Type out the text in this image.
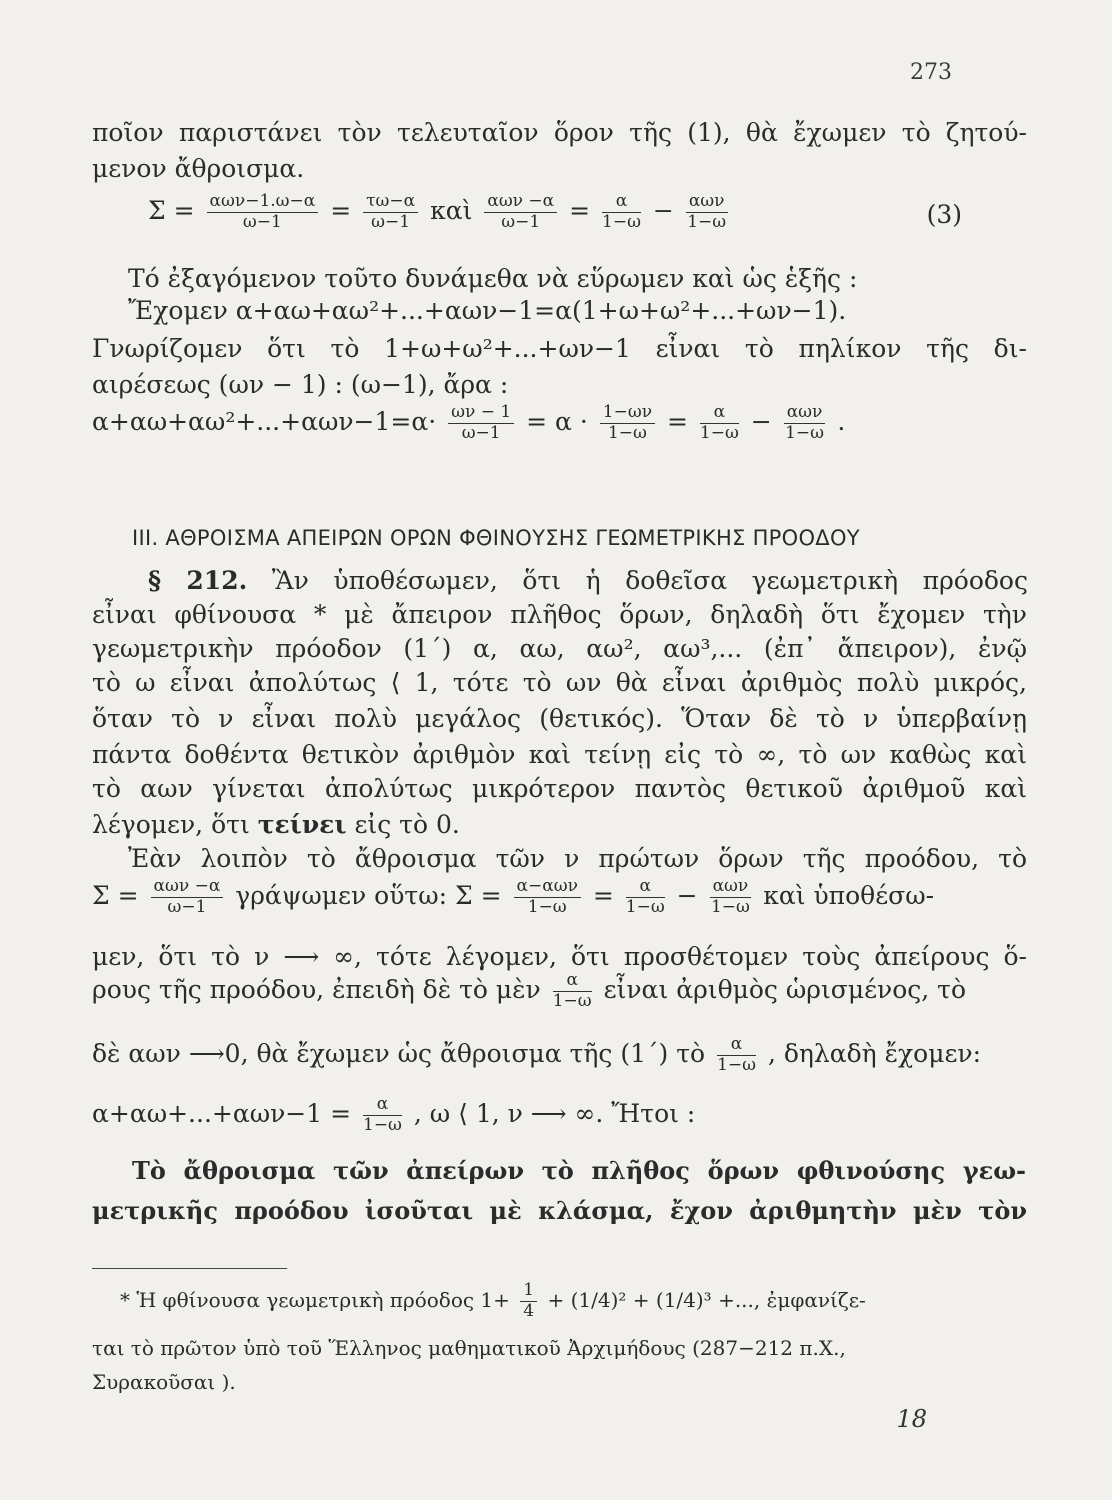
273
ποῖον παριστάνει τὸν τελευταῖον ὅρον τῆς (1), θὰ ἔχωμεν τὸ ζητού-
μενον ἄθροισμα.
$\Sigma = \frac{\text{αων−1.ω−α}}{\omega-1} = \frac{\tau\omega-\alpha}{\omega-1}$ καὶ $\frac{\text{αων −α}}{\omega-1} = \frac{\alpha}{1-\omega} - \frac{\text{αων}}{1-\omega}$	(3)
Τό ἐξαγόμενον τοῦτο δυνάμεθα νὰ εὕρωμεν καὶ ὡς ἑξῆς :
Ἔχομεν α+αω+αω²+...+αων−1=α(1+ω+ω²+...+ων−1).
Γνωρίζομεν ὅτι τὸ 1+ω+ω²+...+ων−1 εἶναι τὸ πηλίκον τῆς δι-
αιρέσεως (ων − 1) : (ω−1), ἄρα :
$\alpha+\alpha\omega+\alpha\omega^2+...+\alpha\omega\nu-1=\alpha\cdot \frac{\omega\nu - 1}{\omega-1} = \alpha \cdot \frac{1-\omega\nu}{1-\omega} = \frac{\alpha}{1-\omega} - \frac{\text{αων}}{1-\omega}$ .
III. ΑΘΡΟΙΣΜΑ ΑΠΕΙΡΩΝ ΟΡΩΝ ΦΘΙΝΟΥΣΗΣ ΓΕΩΜΕΤΡΙΚΗΣ ΠΡΟΟΔΟΥ
§ 212. Ἂν ὑποθέσωμεν, ὅτι ἡ δοθεῖσα γεωμετρικὴ πρόοδος
εἶναι φθίνουσα * μὲ ἄπειρον πλῆθος ὅρων, δηλαδὴ ὅτι ἔχομεν τὴν
γεωμετρικὴν πρόοδον (1΄) α, αω, αω², αω³,... (ἐπ᾽ ἄπειρον), ἐνῷ
τὸ ω εἶναι ἀπολύτως ⟨ 1, τότε τὸ ων θὰ εἶναι ἀριθμὸς πολὺ μικρός,
ὅταν τὸ ν εἶναι πολὺ μεγάλος (θετικός). Ὅταν δὲ τὸ ν ὑπερβαίνῃ
πάντα δοθέντα θετικὸν ἀριθμὸν καὶ τείνῃ εἰς τὸ ∞, τὸ ων καθὼς καὶ
τὸ αων γίνεται ἀπολύτως μικρότερον παντὸς θετικοῦ ἀριθμοῦ καὶ
λέγομεν, ὅτι τείνει εἰς τὸ 0.
Ἐὰν λοιπὸν τὸ ἄθροισμα τῶν ν πρώτων ὅρων τῆς προόδου, τὸ
$\Sigma = \frac{\text{αων −α}}{\omega-1}$ γράψωμεν οὕτω: $\Sigma = \frac{\text{α−αων}}{1-\omega} = \frac{\alpha}{1-\omega} - \frac{\text{αων}}{1-\omega}$ καὶ ὑποθέσω-
μεν, ὅτι τὸ ν ⟶ ∞, τότε λέγομεν, ὅτι προσθέτομεν τοὺς ἀπείρους ὅ-
ρους τῆς προόδου, ἐπειδὴ δὲ τὸ μὲν $\frac{\alpha}{1-\omega}$ εἶναι ἀριθμὸς ὡρισμένος, τὸ
δὲ αων ⟶0, θὰ ἔχωμεν ὡς ἄθροισμα τῆς (1΄) τὸ $\frac{\alpha}{1-\omega}$ , δηλαδὴ ἔχομεν:
$\alpha+\alpha\omega+...+\alpha\omega\nu-1 = \frac{\alpha}{1-\omega}$ , ω ⟨ 1, ν ⟶ ∞. Ἤτοι :
Τὸ ἄθροισμα τῶν ἀπείρων τὸ πλῆθος ὅρων φθινούσης γεω-
μετρικῆς προόδου ἰσοῦται μὲ κλάσμα, ἔχον ἀριθμητὴν μὲν τὸν
* Ἡ φθίνουσα γεωμετρικὴ πρόοδος $1+ \frac{1}{4} + (1/4)^2 + (1/4)^3$ +..., ἐμφανίζε-
ται τὸ πρῶτον ὑπὸ τοῦ Ἕλληνος μαθηματικοῦ Ἀρχιμήδους (287−212 π.Χ.,
Συρακοῦσαι ).
18
